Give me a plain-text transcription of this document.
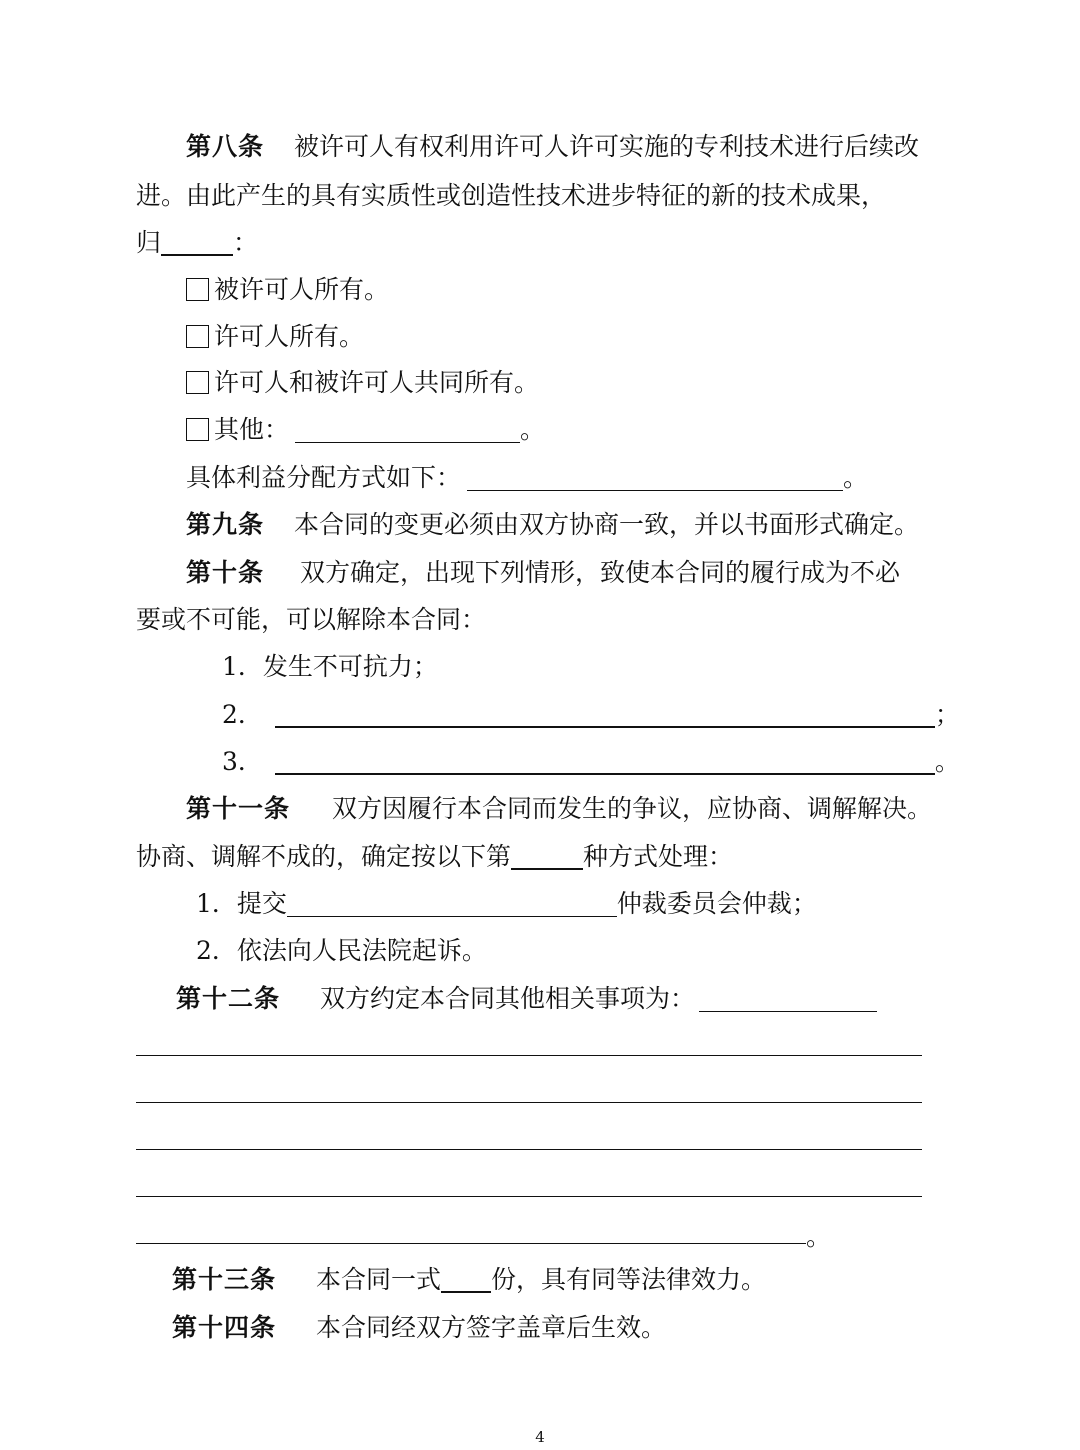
第八条 被许可人有权利用许可人许可实施的专利技术进行后续改
进。由此产生的具有实质性或创造性技术进步特征的新的技术成果，
归	：
被许可人所有。
许可人所有。
许可人和被许可人共同所有。
其他：	。
具体利益分配方式如下：	。
第九条 本合同的变更必须由双方协商一致，并以书面形式确定。
第十条 双方确定，出现下列情形，致使本合同的履行成为不必
要或不可能，可以解除本合同：
1．发生不可抗力；
2．	；
3．	。
第十一条 双方因履行本合同而发生的争议，应协商、调解解决。
协商、调解不成的，确定按以下第	种方式处理：
1．提交	仲裁委员会仲裁；
2．依法向人民法院起诉。
第十二条 双方约定本合同其他相关事项为：
。
第十三条 本合同一式 份，具有同等法律效力。
第十四条 本合同经双方签字盖章后生效。
4
